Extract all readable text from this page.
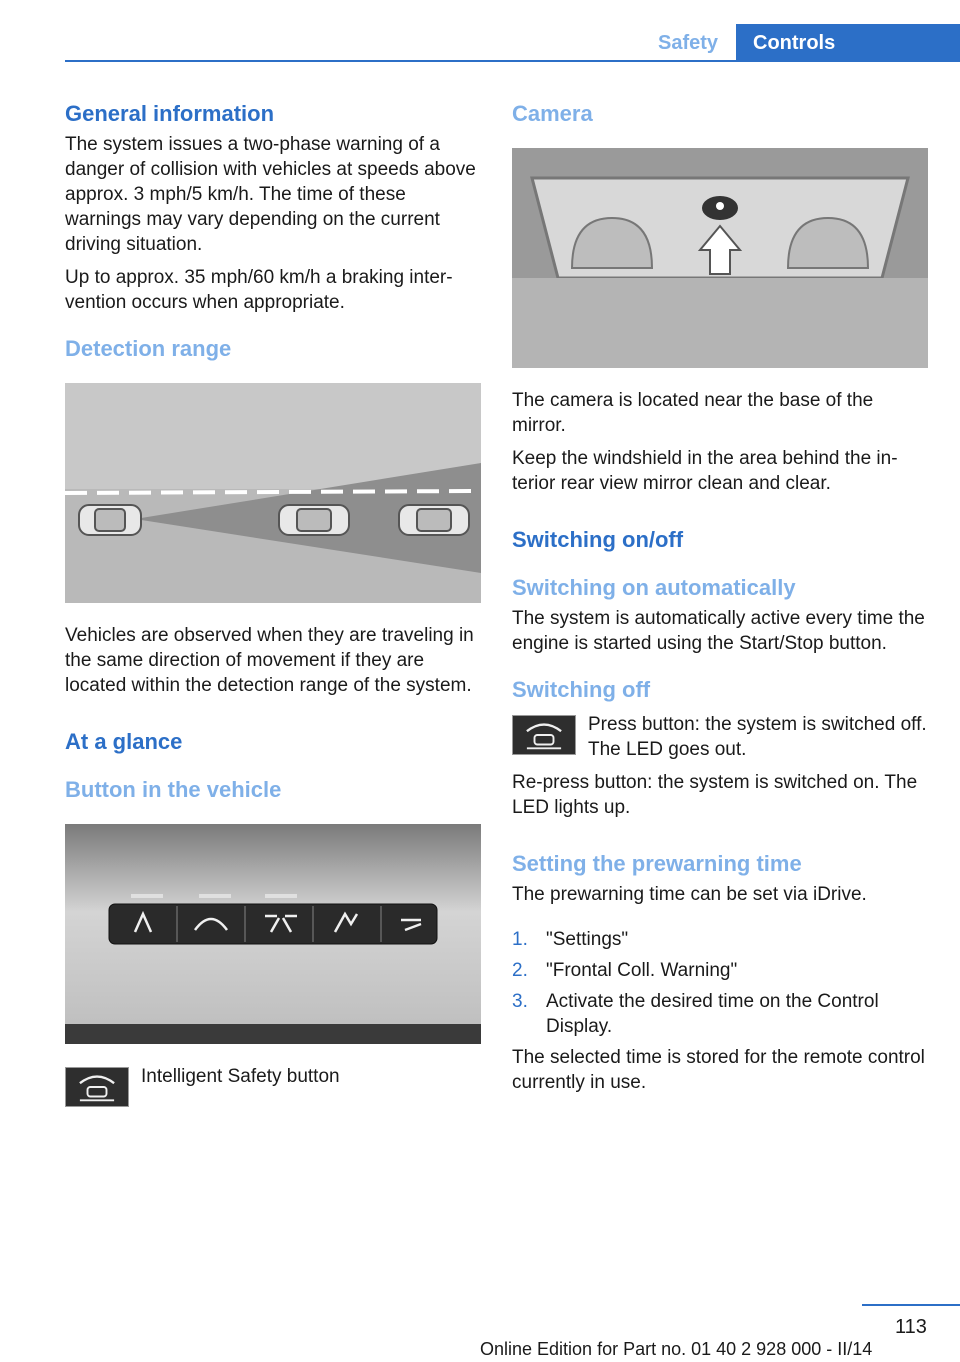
Safety	Controls
General information

The system issues a two-phase warning of a danger of collision with vehicles at speeds above approx. 3 mph/5 km/h. The time of these warnings may vary depending on the current driving situation.

Up to approx. 35 mph/60 km/h a braking intervention occurs when appropriate.

Detection range

Vehicles are observed when they are traveling in the same direction of movement if they are located within the detection range of the system.

At a glance
Button in the vehicle

Intelligent Safety button

Camera

The camera is located near the base of the mirror.

Keep the windshield in the area behind the interior rear view mirror clean and clear.

Switching on/off
Switching on automatically

The system is automatically active every time the engine is started using the Start/Stop button.

Switching off

Press button: the system is switched off. The LED goes out.

Re-press button: the system is switched on. The LED lights up.

Setting the prewarning time

The prewarning time can be set via iDrive.

1. "Settings"
2. "Frontal Coll. Warning"
3. Activate the desired time on the Control Display.

The selected time is stored for the remote control currently in use.

113
Online Edition for Part no. 01 40 2 928 000 - II/14
